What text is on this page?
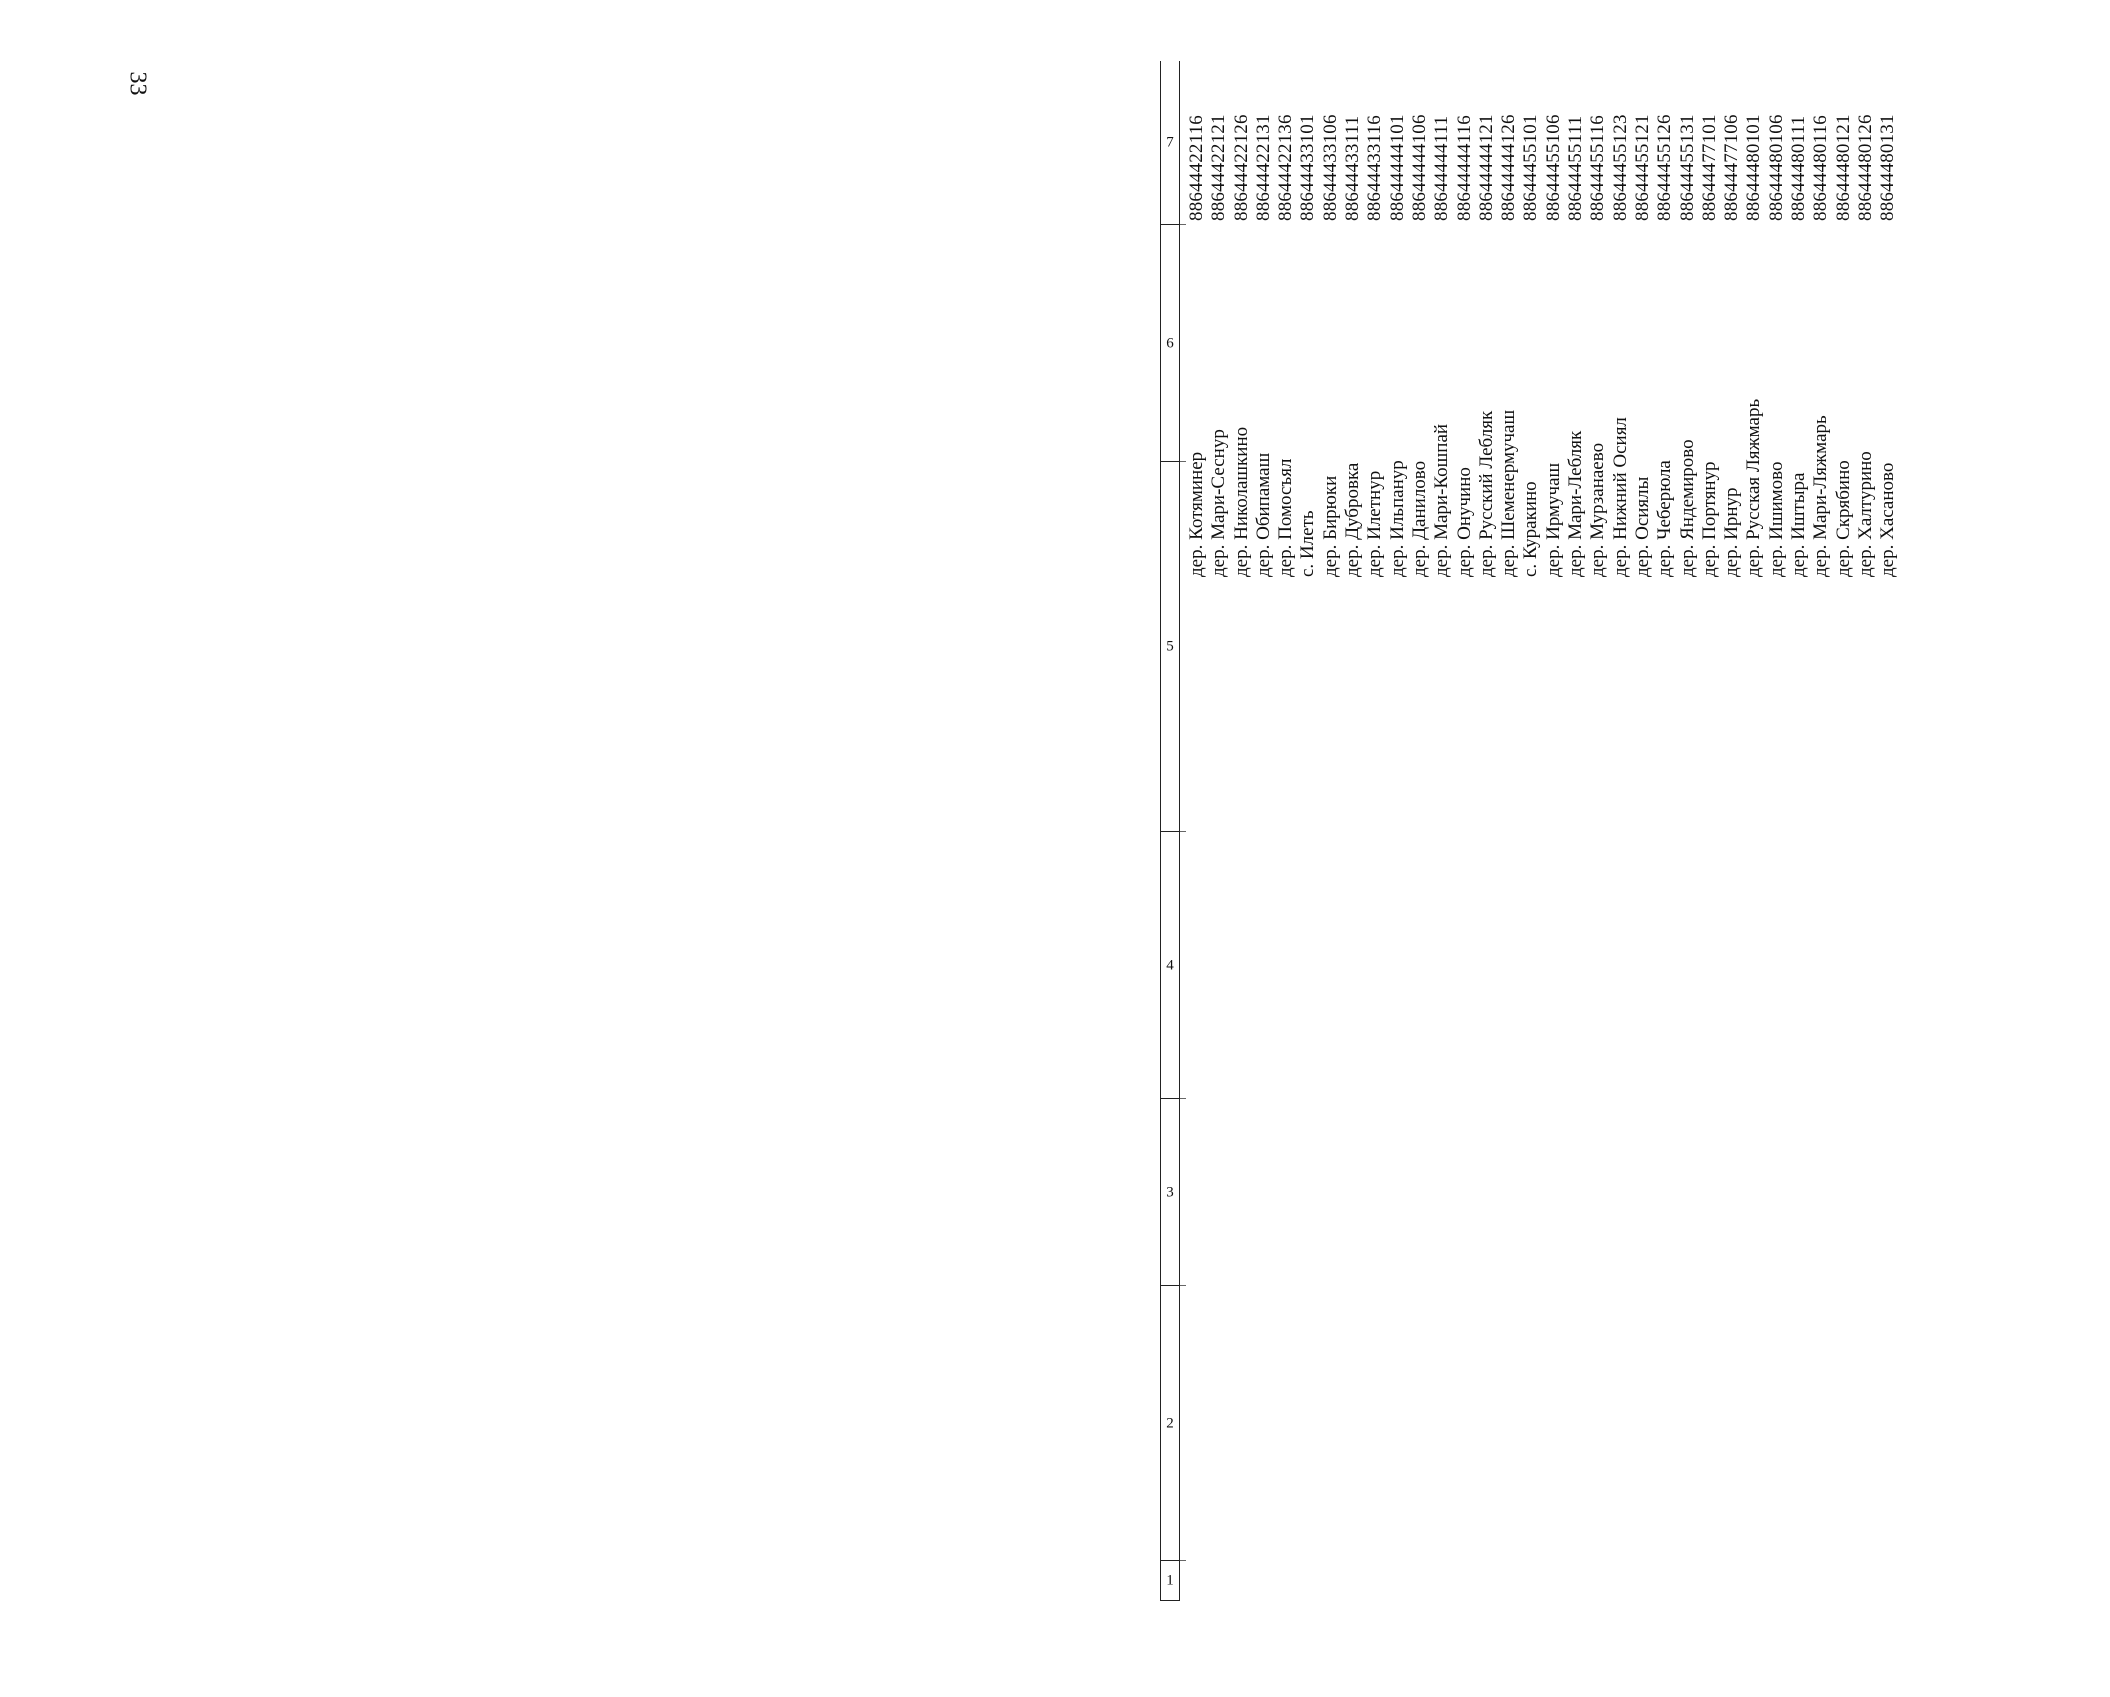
33
1
2
3
4
5
6
7
дер. Котяминер
88644422116
дер. Мари-Сеснур
88644422121
дер. Николашкино
88644422126
дер. Обипамаш
88644422131
дер. Помосъял
88644422136
с. Илеть
88644433101
дер. Бирюки
88644433106
дер. Дубровка
88644433111
дер. Илетнур
88644433116
дер. Ильпанур
88644444101
дер. Данилово
88644444106
дер. Мари-Кошпай
88644444111
дер. Онучино
88644444116
дер. Русский Лебляк
88644444121
дер. Шеменермучаш
88644444126
с. Куракино
88644455101
дер. Ирмучаш
88644455106
дер. Мари-Лебляк
88644455111
дер. Мурзанаево
88644455116
дер. Нижний Осиял
88644455123
дер. Осиялы
88644455121
дер. Чеберюла
88644455126
дер. Яндемирово
88644455131
дер. Портянур
88644477101
дер. Ирнур
88644477106
дер. Русская Ляжмарь
88644480101
дер. Ишимово
88644480106
дер. Иштыра
88644480111
дер. Мари-Ляжмарь
88644480116
дер. Скрябино
88644480121
дер. Халтурино
88644480126
дер. Хасаново
88644480131
